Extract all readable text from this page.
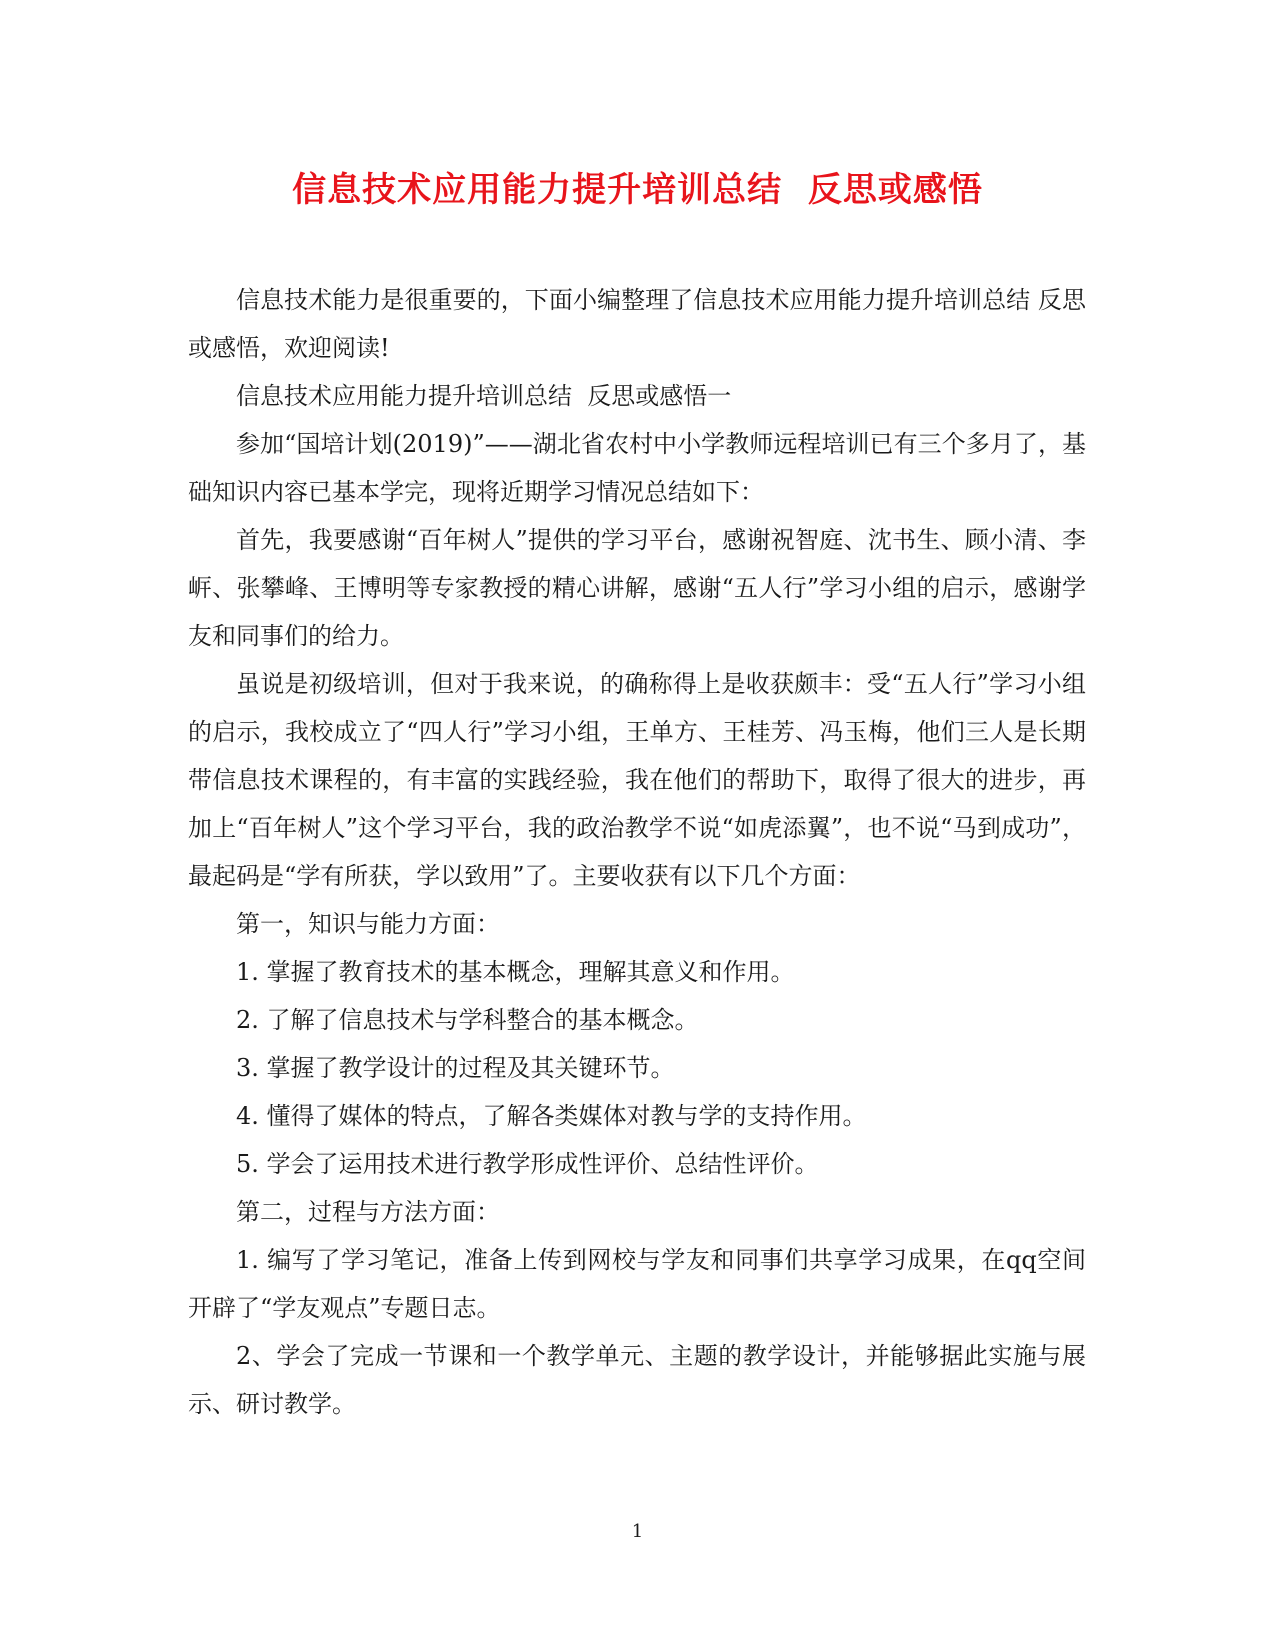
信息技术应用能力提升培训总结  反思或感悟

信息技术能力是很重要的，下面小编整理了信息技术应用能力提升培训总结 反思或感悟，欢迎阅读!

信息技术应用能力提升培训总结  反思或感悟一

参加“国培计划(2019)”——湖北省农村中小学教师远程培训已有三个多月了，基础知识内容已基本学完，现将近期学习情况总结如下：

首先，我要感谢“百年树人”提供的学习平台，感谢祝智庭、沈书生、顾小清、李㟁、张攀峰、王博明等专家教授的精心讲解，感谢“五人行”学习小组的启示，感谢学友和同事们的给力。

虽说是初级培训，但对于我来说，的确称得上是收获颇丰：受“五人行”学习小组的启示，我校成立了“四人行”学习小组，王单方、王桂芳、冯玉梅，他们三人是长期带信息技术课程的，有丰富的实践经验，我在他们的帮助下，取得了很大的进步，再加上“百年树人”这个学习平台，我的政治教学不说“如虎添翼”，也不说“马到成功”，最起码是“学有所获，学以致用”了。主要收获有以下几个方面：

第一，知识与能力方面：

1. 掌握了教育技术的基本概念，理解其意义和作用。

2. 了解了信息技术与学科整合的基本概念。

3. 掌握了教学设计的过程及其关键环节。

4. 懂得了媒体的特点，了解各类媒体对教与学的支持作用。

5. 学会了运用技术进行教学形成性评价、总结性评价。

第二，过程与方法方面：

1. 编写了学习笔记，准备上传到网校与学友和同事们共享学习成果，在qq空间开辟了“学友观点”专题日志。

2、学会了完成一节课和一个教学单元、主题的教学设计，并能够据此实施与展示、研讨教学。

1
